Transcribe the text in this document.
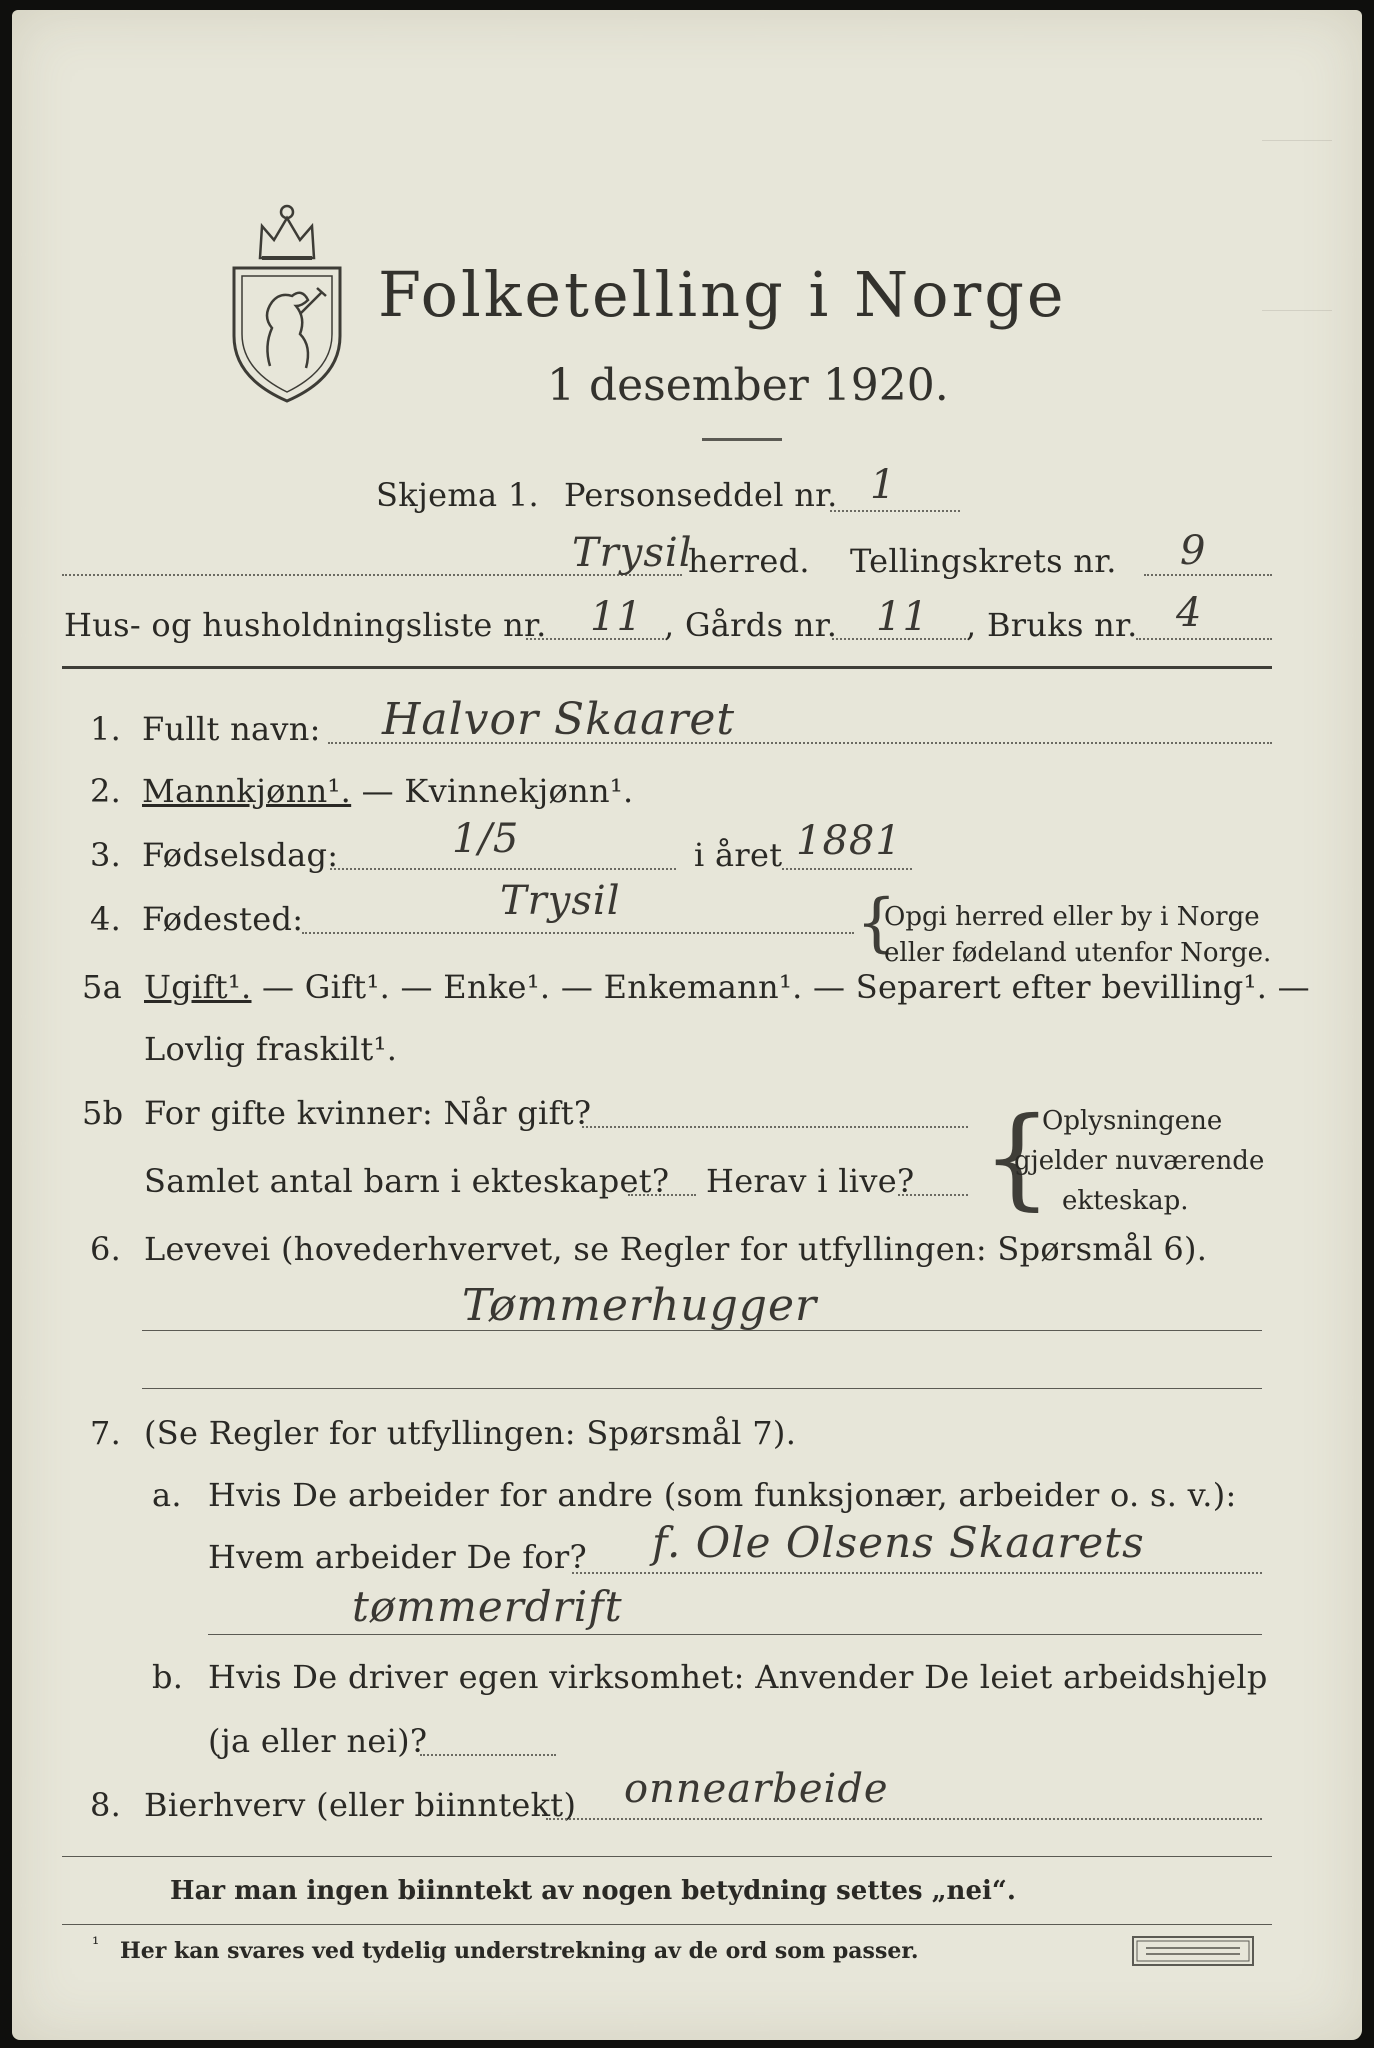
Folketelling i Norge
1 desember 1920.
Skjema 1. Personseddel nr. 1
Trysil
herred. Tellingskrets nr. 9
Hus- og husholdningsliste nr. 11 , Gårds nr. 11 , Bruks nr. 4
1. Fullt navn: Halvor Skaaret
2. Mannkjønn¹. — Kvinnekjønn¹.
3. Fødselsdag:	1/5	i året 1881
4. Fødested:	Trysil	{
Opgi herred eller by i Norge
eller fødeland utenfor Norge.
5a Ugift¹. — Gift¹. — Enke¹. — Enkemann¹. — Separert efter bevilling¹. —
Lovlig fraskilt¹.
5b For gifte kvinner: Når gift?
Samlet antal barn i ekteskapet? Herav i live? {
Oplysningene
gjelder nuværende
ekteskap.
6. Levevei (hovederhvervet, se Regler for utfyllingen: Spørsmål 6).
Tømmerhugger
7. (Se Regler for utfyllingen: Spørsmål 7).
a. Hvis De arbeider for andre (som funksjonær, arbeider o. s. v.):
Hvem arbeider De for? f. Ole Olsens Skaarets
tømmerdrift
b. Hvis De driver egen virksomhet: Anvender De leiet arbeidshjelp
(ja eller nei)?
8. Bierhverv (eller biinntekt) onnearbeide
Har man ingen biinntekt av nogen betydning settes „nei“.
¹ Her kan svares ved tydelig understrekning av de ord som passer.
